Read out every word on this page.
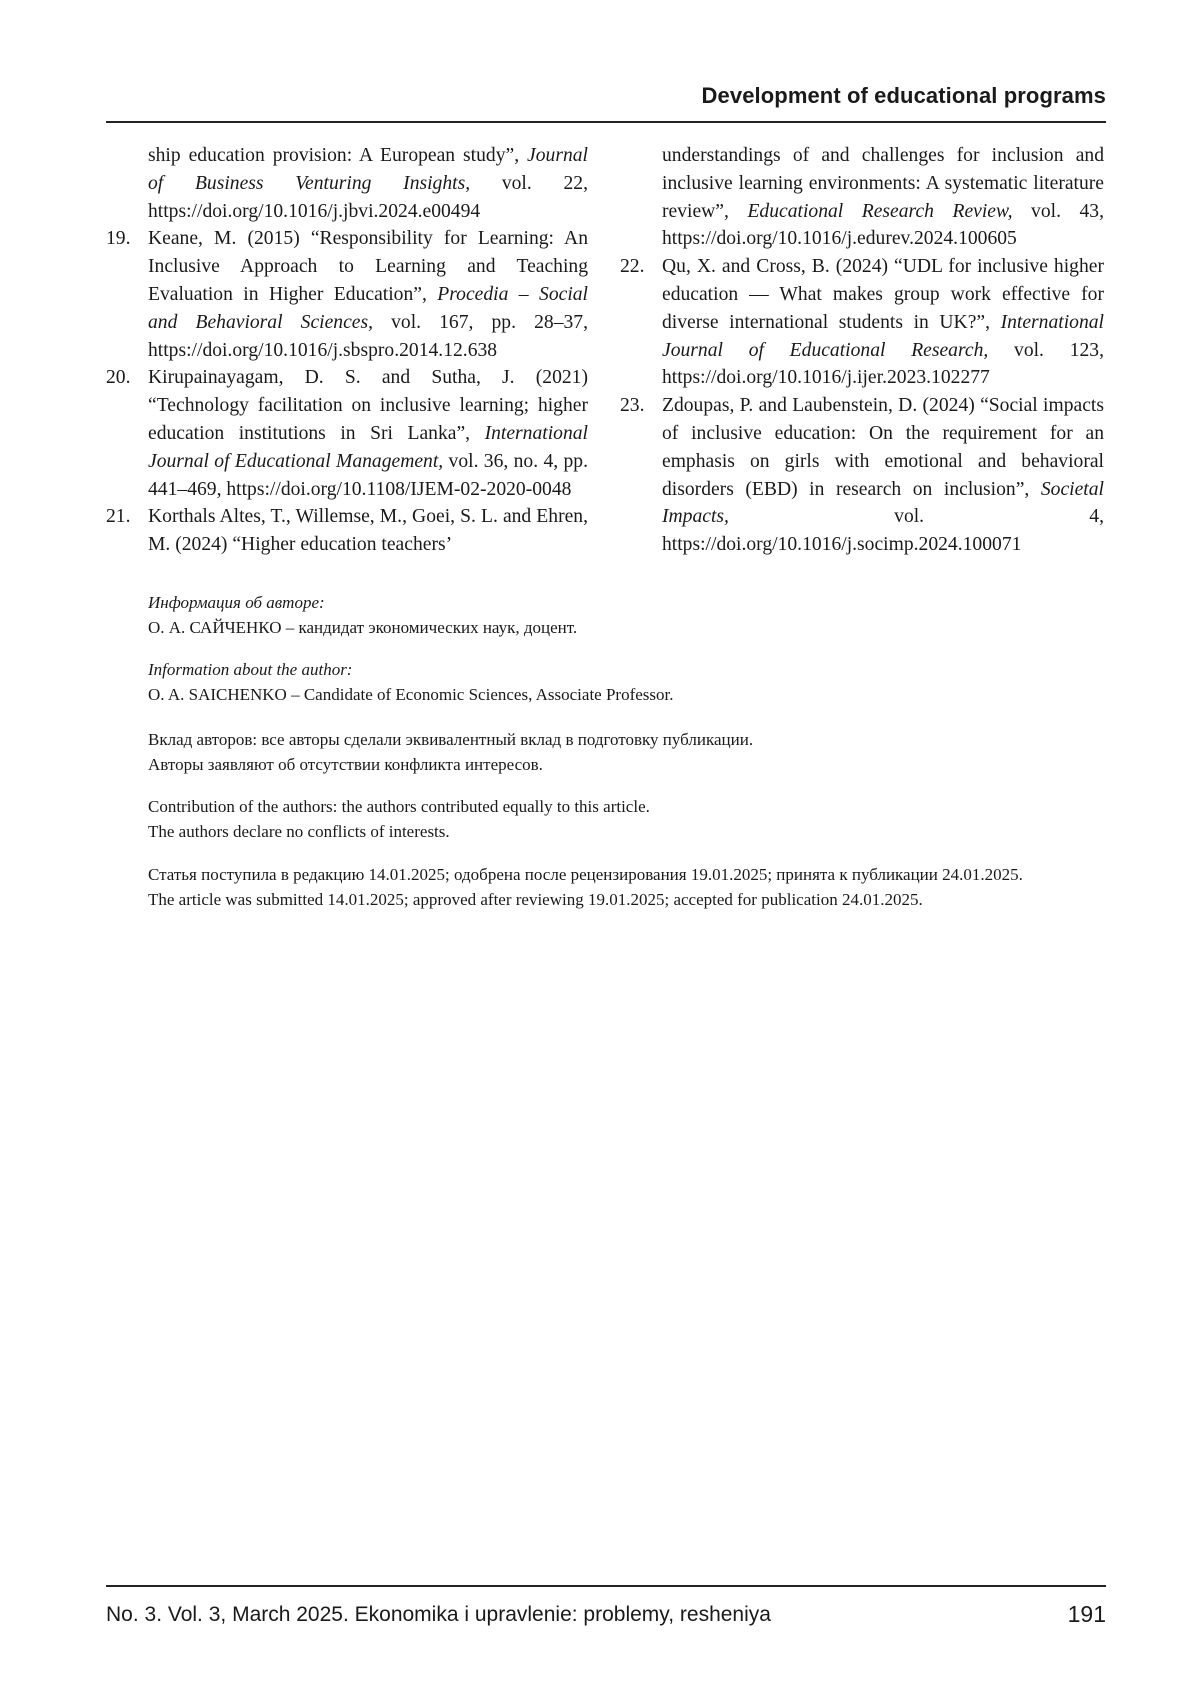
Development of educational programs
ship education provision: A European study”, Journal of Business Venturing Insights, vol. 22, https://doi.org/10.1016/j.jbvi.2024.e00494
19. Keane, M. (2015) “Responsibility for Learning: An Inclusive Approach to Learning and Teaching Evaluation in Higher Education”, Procedia – Social and Behavioral Sciences, vol. 167, pp. 28–37, https://doi.org/10.1016/j.sbspro.2014.12.638
20. Kirupainayagam, D. S. and Sutha, J. (2021) “Technology facilitation on inclusive learning; higher education institutions in Sri Lanka”, International Journal of Educational Management, vol. 36, no. 4, pp. 441–469, https://doi.org/10.1108/IJEM-02-2020-0048
21. Korthals Altes, T., Willemse, M., Goei, S. L. and Ehren, M. (2024) “Higher education teachers’
understandings of and challenges for inclusion and inclusive learning environments: A systematic literature review”, Educational Research Review, vol. 43, https://doi.org/10.1016/j.edurev.2024.100605
22. Qu, X. and Cross, B. (2024) “UDL for inclusive higher education — What makes group work effective for diverse international students in UK?”, International Journal of Educational Research, vol. 123, https://doi.org/10.1016/j.ijer.2023.102277
23. Zdoupas, P. and Laubenstein, D. (2024) “Social impacts of inclusive education: On the requirement for an emphasis on girls with emotional and behavioral disorders (EBD) in research on inclusion”, Societal Impacts, vol. 4, https://doi.org/10.1016/j.socimp.2024.100071

Информация об авторе:

О. А. САЙЧЕНКО – кандидат экономических наук, доцент.

Information about the author:

O. A. SAICHENKO – Candidate of Economic Sciences, Associate Professor.

Вклад авторов: все авторы сделали эквивалентный вклад в подготовку публикации.

Авторы заявляют об отсутствии конфликта интересов.

Contribution of the authors: the authors contributed equally to this article.

The authors declare no conflicts of interests.

Статья поступила в редакцию 14.01.2025; одобрена после рецензирования 19.01.2025; принята к публикации 24.01.2025.

The article was submitted 14.01.2025; approved after reviewing 19.01.2025; accepted for publication 24.01.2025.

No. 3. Vol. 3, March 2025. Ekonomika i upravlenie: problemy, resheniya	191
